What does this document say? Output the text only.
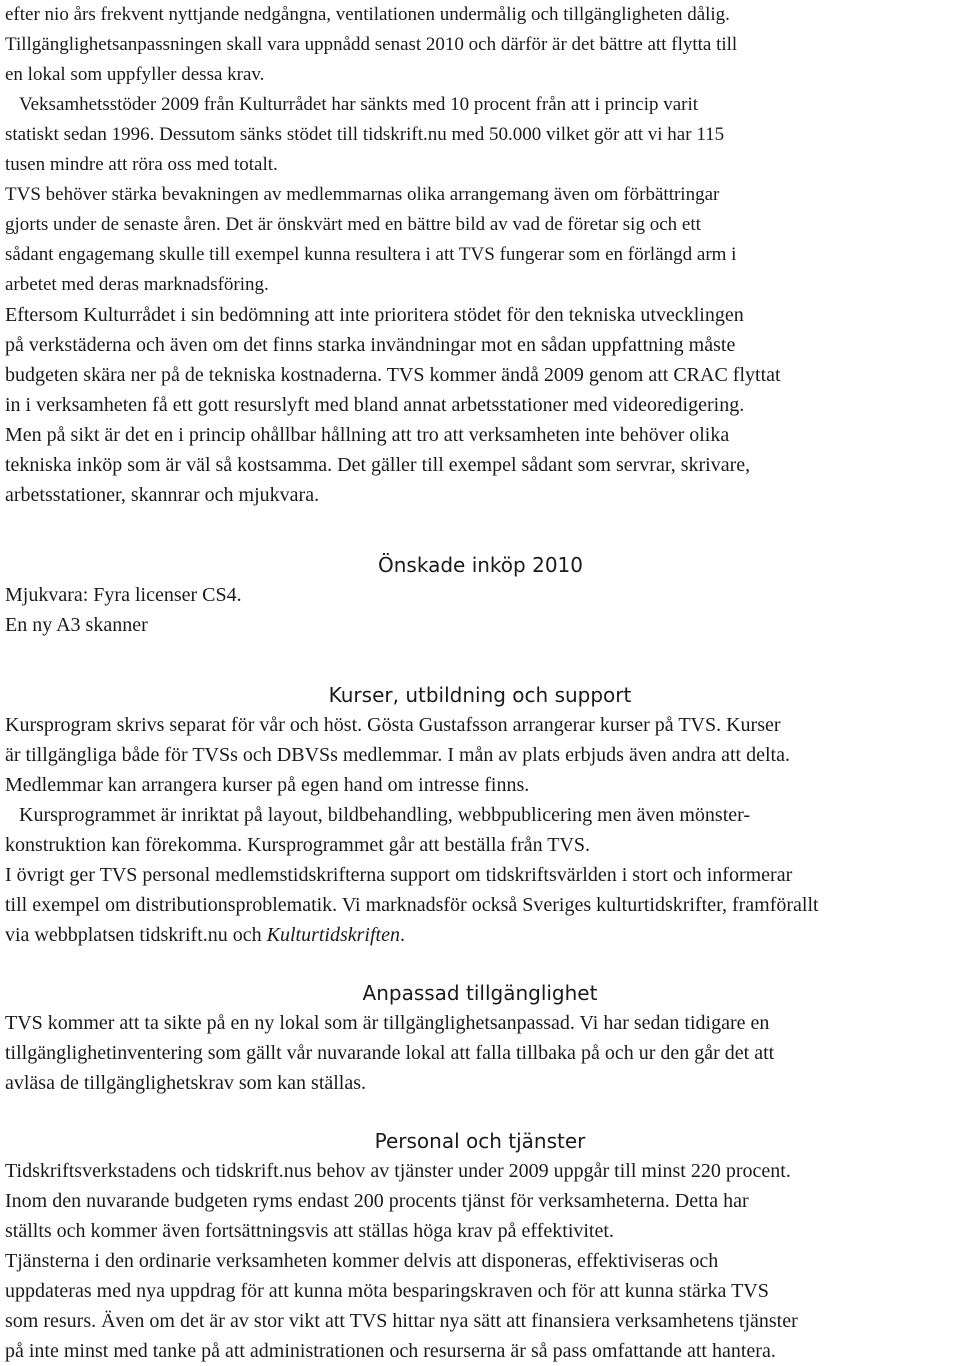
efter nio års frekvent nyttjande nedgångna, ventilationen undermålig och tillgängligheten dålig.
Tillgänglighetsanpassningen skall vara uppnådd senast 2010 och därför är det bättre att flytta till
en lokal som uppfyller dessa krav.
Veksamhetsstöder 2009 från Kulturrådet har sänkts med 10 procent från att i princip varit
statiskt sedan 1996. Dessutom sänks stödet till tidskrift.nu med 50.000 vilket gör att vi har 115
tusen mindre att röra oss med totalt.
TVS behöver stärka bevakningen av medlemmarnas olika arrangemang även om förbättringar
gjorts under de senaste åren. Det är önskvärt med en bättre bild av vad de företar sig och ett
sådant engagemang skulle till exempel kunna resultera i att TVS fungerar som en förlängd arm i
arbetet med deras marknadsföring.
Eftersom Kulturrådet i sin bedömning att inte prioritera stödet för den tekniska utvecklingen
på verkstäderna och även om det finns starka invändningar mot en sådan uppfattning måste
budgeten skära ner på de tekniska kostnaderna. TVS kommer ändå 2009 genom att CRAC flyttat
in i verksamheten få ett gott resurslyft med bland annat arbetsstationer med videoredigering.
Men på sikt är det en i princip ohållbar hållning att tro att verksamheten inte behöver olika
tekniska inköp som är väl så kostsamma. Det gäller till exempel sådant som servrar, skrivare,
arbetsstationer, skannrar och mjukvara.
Önskade inköp 2010
Mjukvara: Fyra licenser CS4.
En ny A3 skanner
Kurser, utbildning och support
Kursprogram skrivs separat för vår och höst. Gösta Gustafsson arrangerar kurser på TVS. Kurser
är tillgängliga både för TVSs och DBVSs medlemmar. I mån av plats erbjuds även andra att delta.
Medlemmar kan arrangera kurser på egen hand om intresse finns.
Kursprogrammet är inriktat på layout, bildbehandling, webbpublicering men även mönster-
konstruktion kan förekomma. Kursprogrammet går att beställa från TVS.
I övrigt ger TVS personal medlemstidskrifterna support om tidskriftsvärlden i stort och informerar
till exempel om distributionsproblematik. Vi marknadsför också Sveriges kulturtidskrifter, framförallt
via webbplatsen tidskrift.nu och Kulturtidskriften.
Anpassad tillgänglighet
TVS kommer att ta sikte på en ny lokal som är tillgänglighetsanpassad. Vi har sedan tidigare en
tillgänglighetinventering som gällt vår nuvarande lokal att falla tillbaka på och ur den går det att
avläsa de tillgänglighetskrav som kan ställas.
Personal och tjänster
Tidskriftsverkstadens och tidskrift.nus behov av tjänster under 2009 uppgår till minst 220 procent.
Inom den nuvarande budgeten ryms endast 200 procents tjänst för verksamheterna. Detta har
ställts och kommer även fortsättningsvis att ställas höga krav på effektivitet.
Tjänsterna i den ordinarie verksamheten kommer delvis att disponeras, effektiviseras och
uppdateras med nya uppdrag för att kunna möta besparingskraven och för att kunna stärka TVS
som resurs. Även om det är av stor vikt att TVS hittar nya sätt att finansiera verksamhetens tjänster
på inte minst med tanke på att administrationen och resurserna är så pass omfattande att hantera.
